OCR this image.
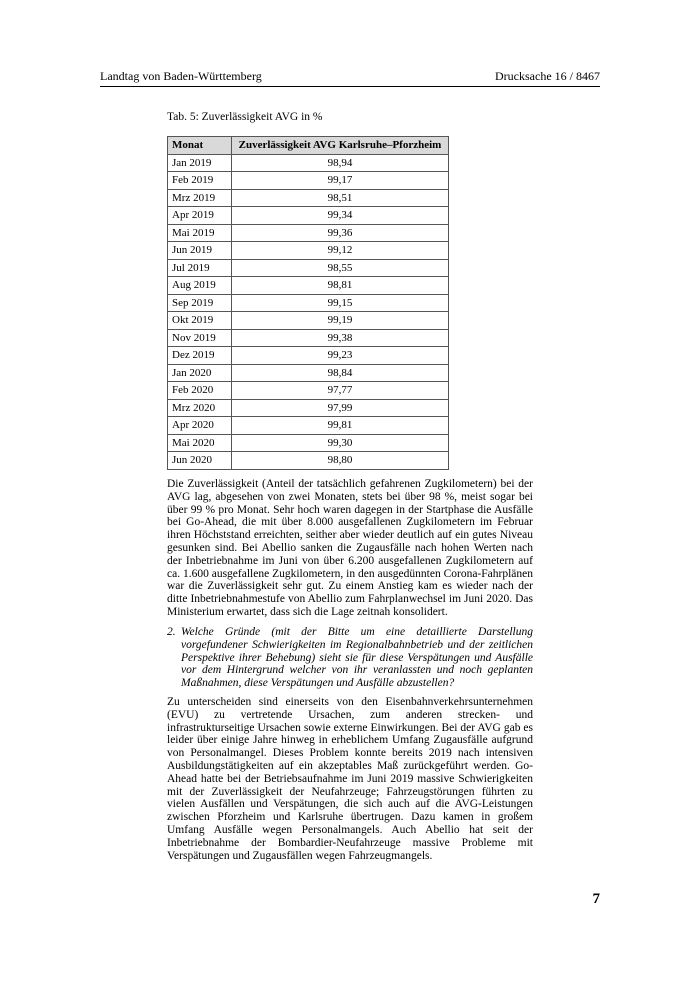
Landtag von Baden-Württemberg	Drucksache 16 / 8467
Tab. 5: Zuverlässigkeit AVG in %
Monat	Zuverlässigkeit AVG Karlsruhe–Pforzheim
Jan 2019	98,94
Feb 2019	99,17
Mrz 2019	98,51
Apr 2019	99,34
Mai 2019	99,36
Jun 2019	99,12
Jul 2019	98,55
Aug 2019	98,81
Sep 2019	99,15
Okt 2019	99,19
Nov 2019	99,38
Dez 2019	99,23
Jan 2020	98,84
Feb 2020	97,77
Mrz 2020	97,99
Apr 2020	99,81
Mai 2020	99,30
Jun 2020	98,80

Die Zuverlässigkeit (Anteil der tatsächlich gefahrenen Zugkilometern) bei der AVG lag, abgesehen von zwei Monaten, stets bei über 98 %, meist sogar bei über 99 % pro Monat. Sehr hoch waren dagegen in der Startphase die Ausfälle bei Go-Ahead, die mit über 8.000 ausgefallenen Zugkilometern im Februar ihren Höchststand erreichten, seither aber wieder deutlich auf ein gutes Niveau gesunken sind. Bei Abellio sanken die Zugausfälle nach hohen Werten nach der Inbetriebnahme im Juni von über 6.200 ausgefallenen Zugkilometern auf ca. 1.600 ausgefallene Zugkilometern, in den ausgedünnten Corona-Fahrplänen war die Zuverlässigkeit sehr gut. Zu einem Anstieg kam es wieder nach der ditte Inbetriebnahmestufe von Abellio zum Fahrplanwechsel im Juni 2020. Das Ministerium erwartet, dass sich die Lage zeitnah konsolidert.

2. Welche Gründe (mit der Bitte um eine detaillierte Darstellung vorgefundener Schwierigkeiten im Regionalbahnbetrieb und der zeitlichen Perspektive ihrer Behebung) sieht sie für diese Verspätungen und Ausfälle vor dem Hintergrund welcher von ihr veranlassten und noch geplanten Maßnahmen, diese Verspätungen und Ausfälle abzustellen?

Zu unterscheiden sind einerseits von den Eisenbahnverkehrsunternehmen (EVU) zu vertretende Ursachen, zum anderen strecken- und infrastrukturseitige Ursachen sowie externe Einwirkungen. Bei der AVG gab es leider über einige Jahre hinweg in erheblichem Umfang Zugausfälle aufgrund von Personalmangel. Dieses Problem konnte bereits 2019 nach intensiven Ausbildungstätigkeiten auf ein akzeptables Maß zurückgeführt werden. Go-Ahead hatte bei der Betriebsaufnahme im Juni 2019 massive Schwierigkeiten mit der Zuverlässigkeit der Neufahrzeuge; Fahrzeugstörungen führten zu vielen Ausfällen und Verspätungen, die sich auch auf die AVG-Leistungen zwischen Pforzheim und Karlsruhe übertrugen. Dazu kamen in großem Umfang Ausfälle wegen Personalmangels. Auch Abellio hat seit der Inbetriebnahme der Bombardier-Neufahrzeuge massive Probleme mit Verspätungen und Zugausfällen wegen Fahrzeugmangels.

7
